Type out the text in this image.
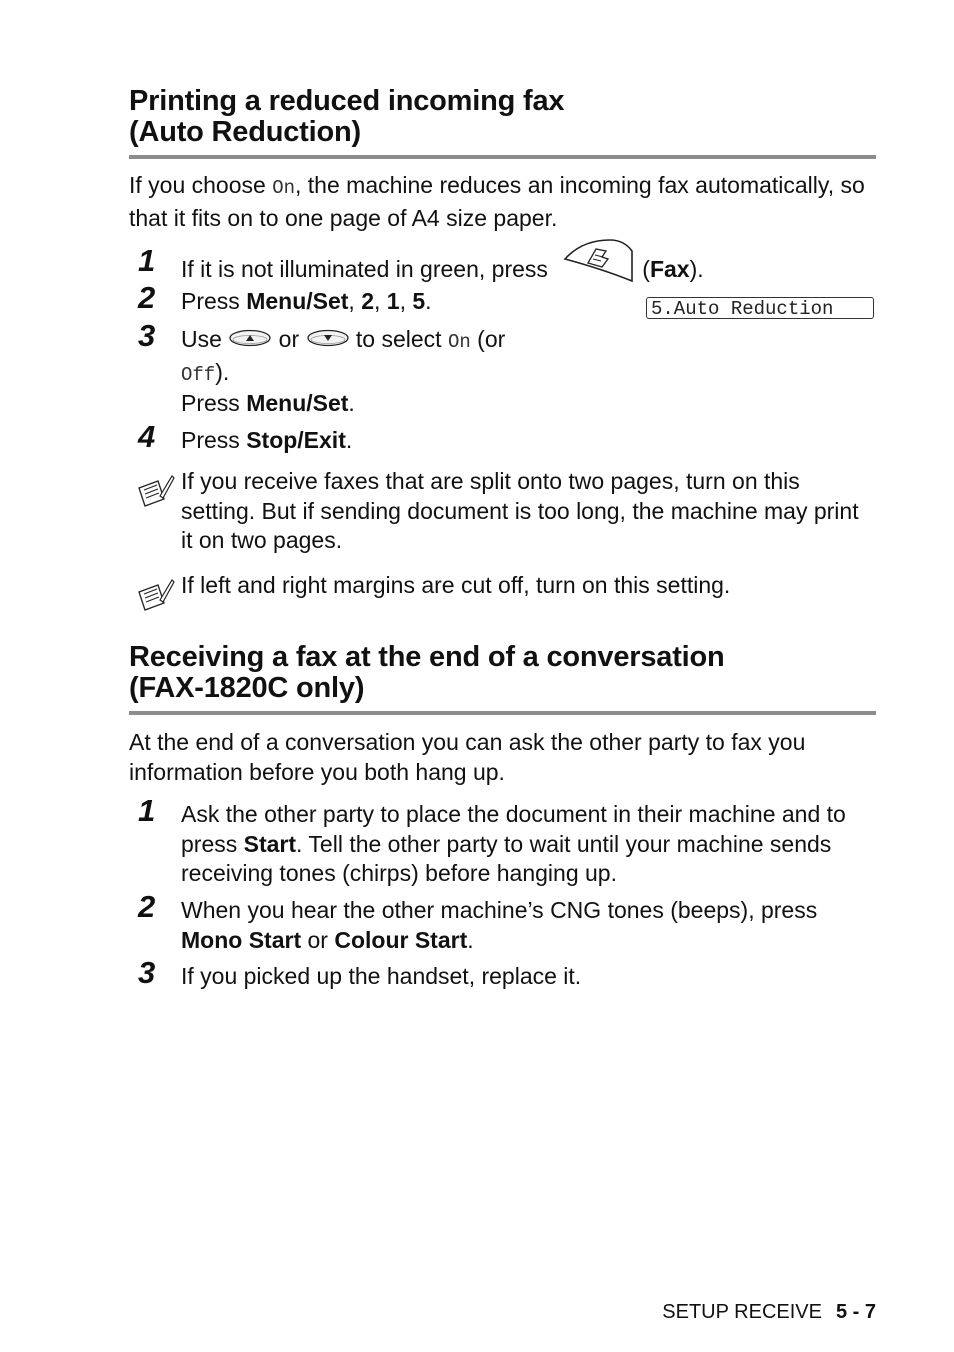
Printing a reduced incoming fax
(Auto Reduction)

If you choose On, the machine reduces an incoming fax automatically, so that it fits on to one page of A4 size paper.

1 If it is not illuminated in green, press	(Fax).
5.Auto Reduction
2 Press Menu/Set, 2, 1, 5.
3 Use  or  to select On (or
Off).
Press Menu/Set.
4 Press Stop/Exit.
If you receive faxes that are split onto two pages, turn on this setting. But if sending document is too long, the machine may print it on two pages.
If left and right margins are cut off, turn on this setting.
Receiving a fax at the end of a conversation
(FAX-1820C only)

At the end of a conversation you can ask the other party to fax you information before you both hang up.

1 Ask the other party to place the document in their machine and to press Start. Tell the other party to wait until your machine sends receiving tones (chirps) before hanging up.
2 When you hear the other machine’s CNG tones (beeps), press Mono Start or Colour Start.
3 If you picked up the handset, replace it.
SETUP RECEIVE 5 - 7
